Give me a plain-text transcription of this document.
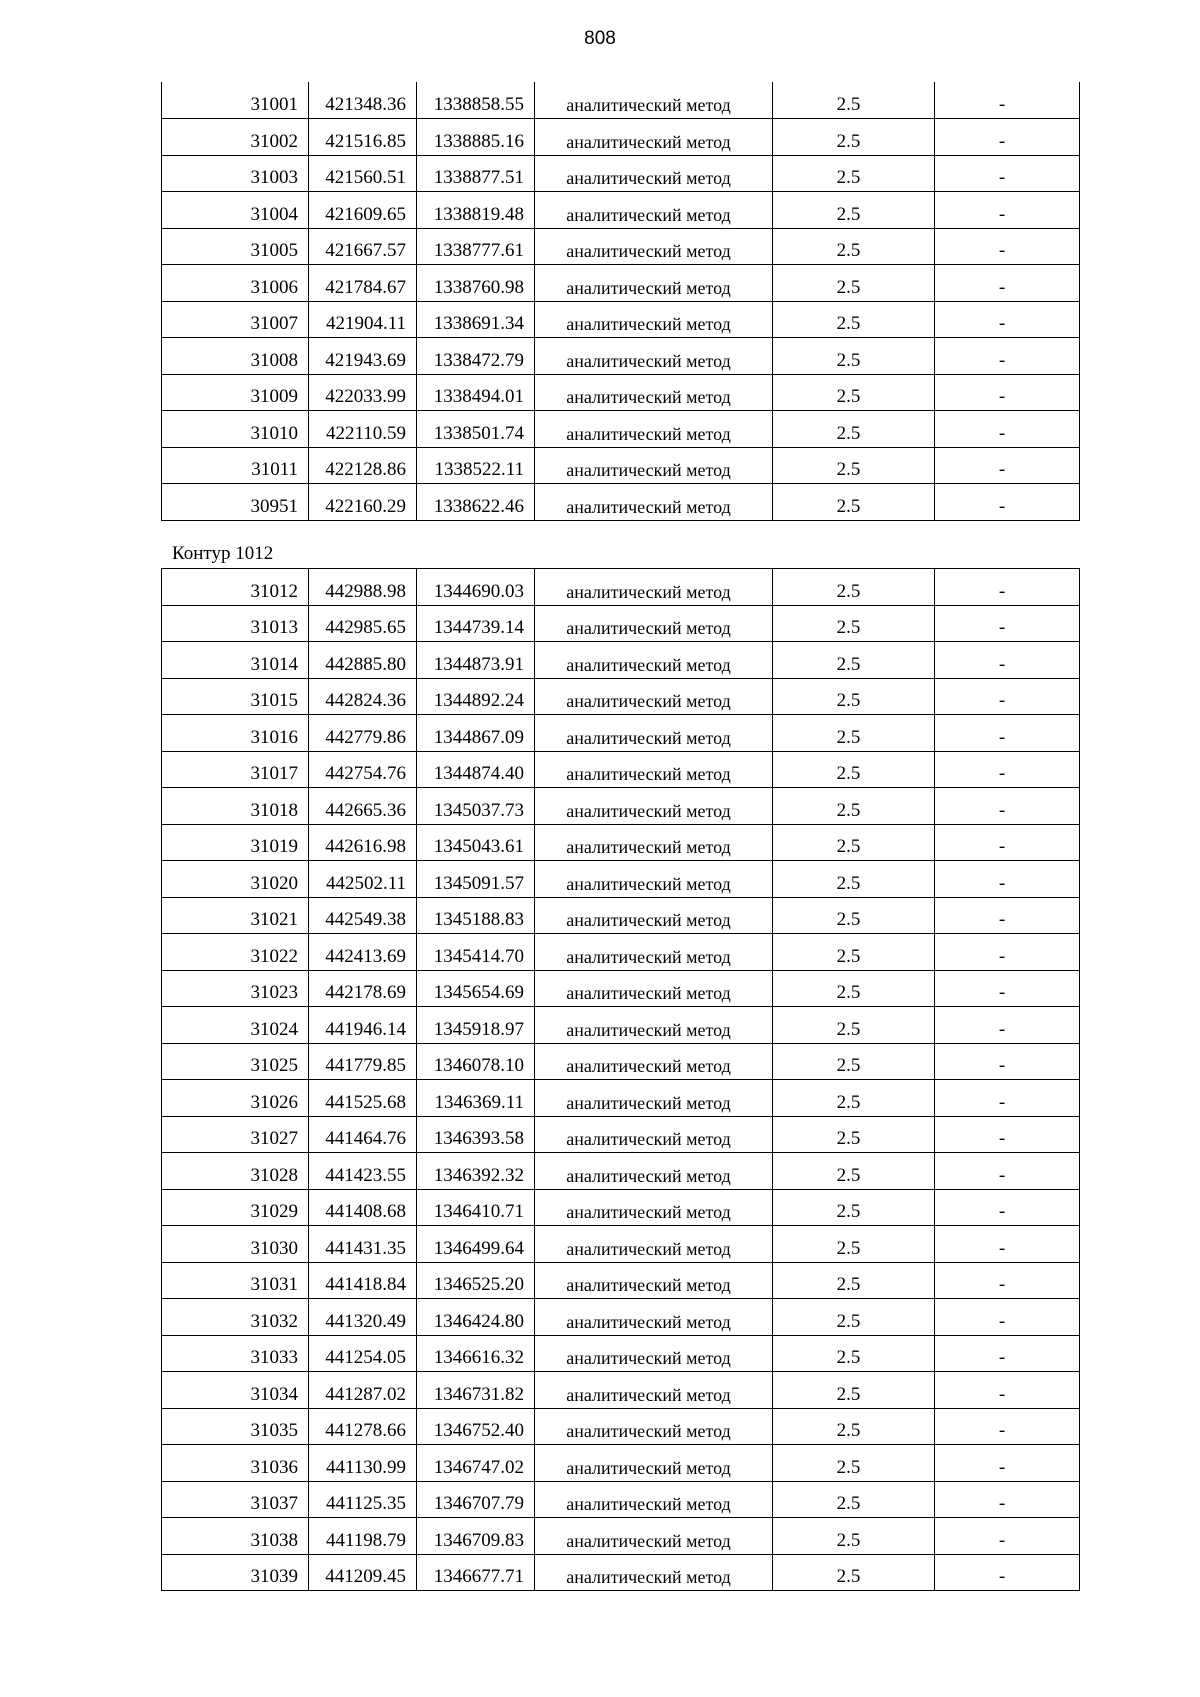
808
31001	421348.36	1338858.55	аналитический метод	2.5	-
31002	421516.85	1338885.16	аналитический метод	2.5	-
31003	421560.51	1338877.51	аналитический метод	2.5	-
31004	421609.65	1338819.48	аналитический метод	2.5	-
31005	421667.57	1338777.61	аналитический метод	2.5	-
31006	421784.67	1338760.98	аналитический метод	2.5	-
31007	421904.11	1338691.34	аналитический метод	2.5	-
31008	421943.69	1338472.79	аналитический метод	2.5	-
31009	422033.99	1338494.01	аналитический метод	2.5	-
31010	422110.59	1338501.74	аналитический метод	2.5	-
31011	422128.86	1338522.11	аналитический метод	2.5	-
30951	422160.29	1338622.46	аналитический метод	2.5	-
Контур 1012
31012	442988.98	1344690.03	аналитический метод	2.5	-
31013	442985.65	1344739.14	аналитический метод	2.5	-
31014	442885.80	1344873.91	аналитический метод	2.5	-
31015	442824.36	1344892.24	аналитический метод	2.5	-
31016	442779.86	1344867.09	аналитический метод	2.5	-
31017	442754.76	1344874.40	аналитический метод	2.5	-
31018	442665.36	1345037.73	аналитический метод	2.5	-
31019	442616.98	1345043.61	аналитический метод	2.5	-
31020	442502.11	1345091.57	аналитический метод	2.5	-
31021	442549.38	1345188.83	аналитический метод	2.5	-
31022	442413.69	1345414.70	аналитический метод	2.5	-
31023	442178.69	1345654.69	аналитический метод	2.5	-
31024	441946.14	1345918.97	аналитический метод	2.5	-
31025	441779.85	1346078.10	аналитический метод	2.5	-
31026	441525.68	1346369.11	аналитический метод	2.5	-
31027	441464.76	1346393.58	аналитический метод	2.5	-
31028	441423.55	1346392.32	аналитический метод	2.5	-
31029	441408.68	1346410.71	аналитический метод	2.5	-
31030	441431.35	1346499.64	аналитический метод	2.5	-
31031	441418.84	1346525.20	аналитический метод	2.5	-
31032	441320.49	1346424.80	аналитический метод	2.5	-
31033	441254.05	1346616.32	аналитический метод	2.5	-
31034	441287.02	1346731.82	аналитический метод	2.5	-
31035	441278.66	1346752.40	аналитический метод	2.5	-
31036	441130.99	1346747.02	аналитический метод	2.5	-
31037	441125.35	1346707.79	аналитический метод	2.5	-
31038	441198.79	1346709.83	аналитический метод	2.5	-
31039	441209.45	1346677.71	аналитический метод	2.5	-
